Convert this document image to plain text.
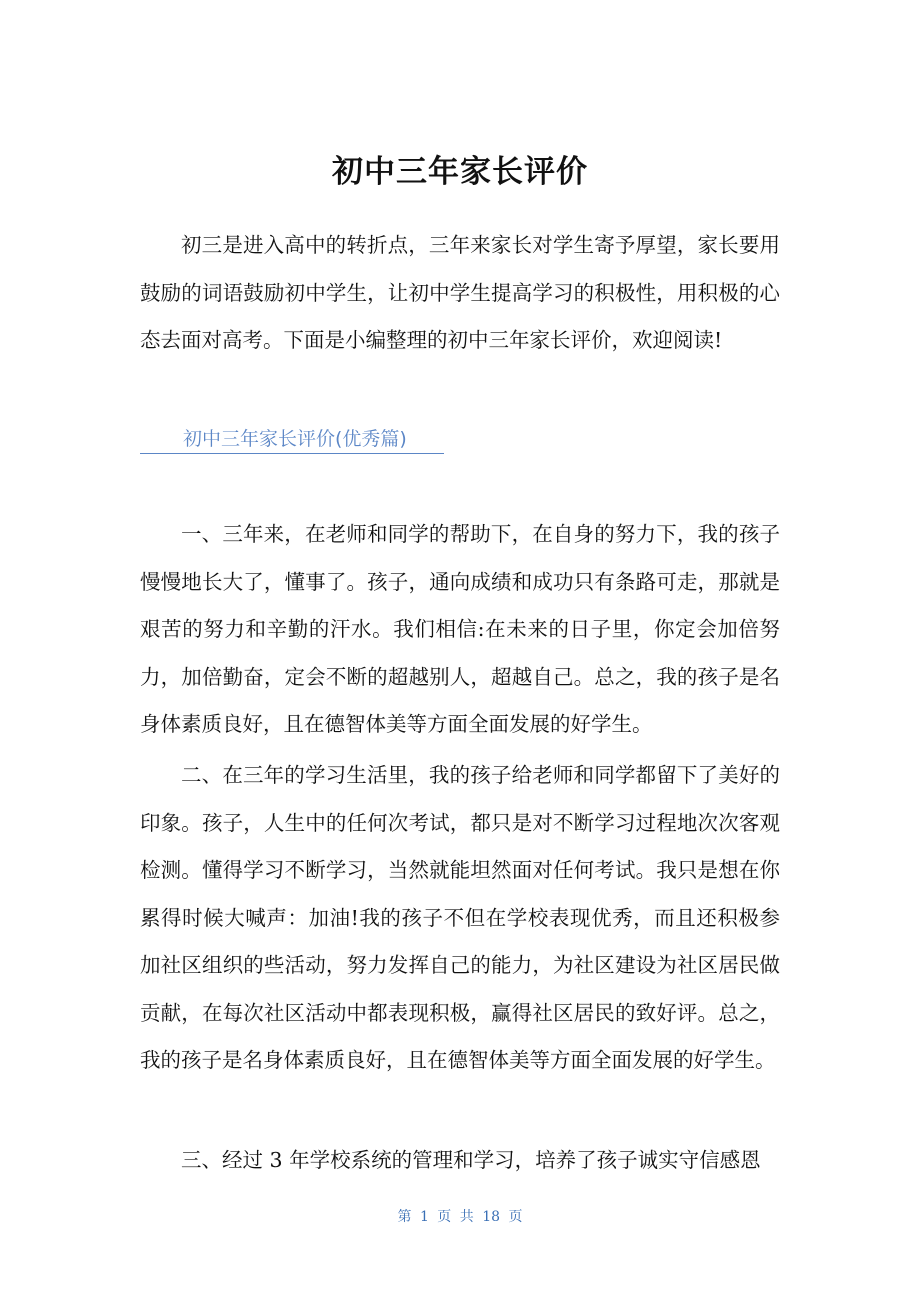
初中三年家长评价

初三是进入高中的转折点，三年来家长对学生寄予厚望，家长要用鼓励的词语鼓励初中学生，让初中学生提高学习的积极性，用积极的心态去面对高考。下面是小编整理的初中三年家长评价，欢迎阅读!

初中三年家长评价(优秀篇)

一、三年来，在老师和同学的帮助下，在自身的努力下，我的孩子慢慢地长大了，懂事了。孩子，通向成绩和成功只有条路可走，那就是艰苦的努力和辛勤的汗水。我们相信:在未来的日子里，你定会加倍努力，加倍勤奋，定会不断的超越别人，超越自己。总之，我的孩子是名身体素质良好，且在德智体美等方面全面发展的好学生。

二、在三年的学习生活里，我的孩子给老师和同学都留下了美好的印象。孩子，人生中的任何次考试，都只是对不断学习过程地次次客观检测。懂得学习不断学习，当然就能坦然面对任何考试。我只是想在你累得时候大喊声：加油!我的孩子不但在学校表现优秀，而且还积极参加社区组织的些活动，努力发挥自己的能力，为社区建设为社区居民做贡献，在每次社区活动中都表现积极，赢得社区居民的致好评。总之，我的孩子是名身体素质良好，且在德智体美等方面全面发展的好学生。

三、经过 3 年学校系统的管理和学习，培养了孩子诚实守信感恩

第 1 页 共 18 页
